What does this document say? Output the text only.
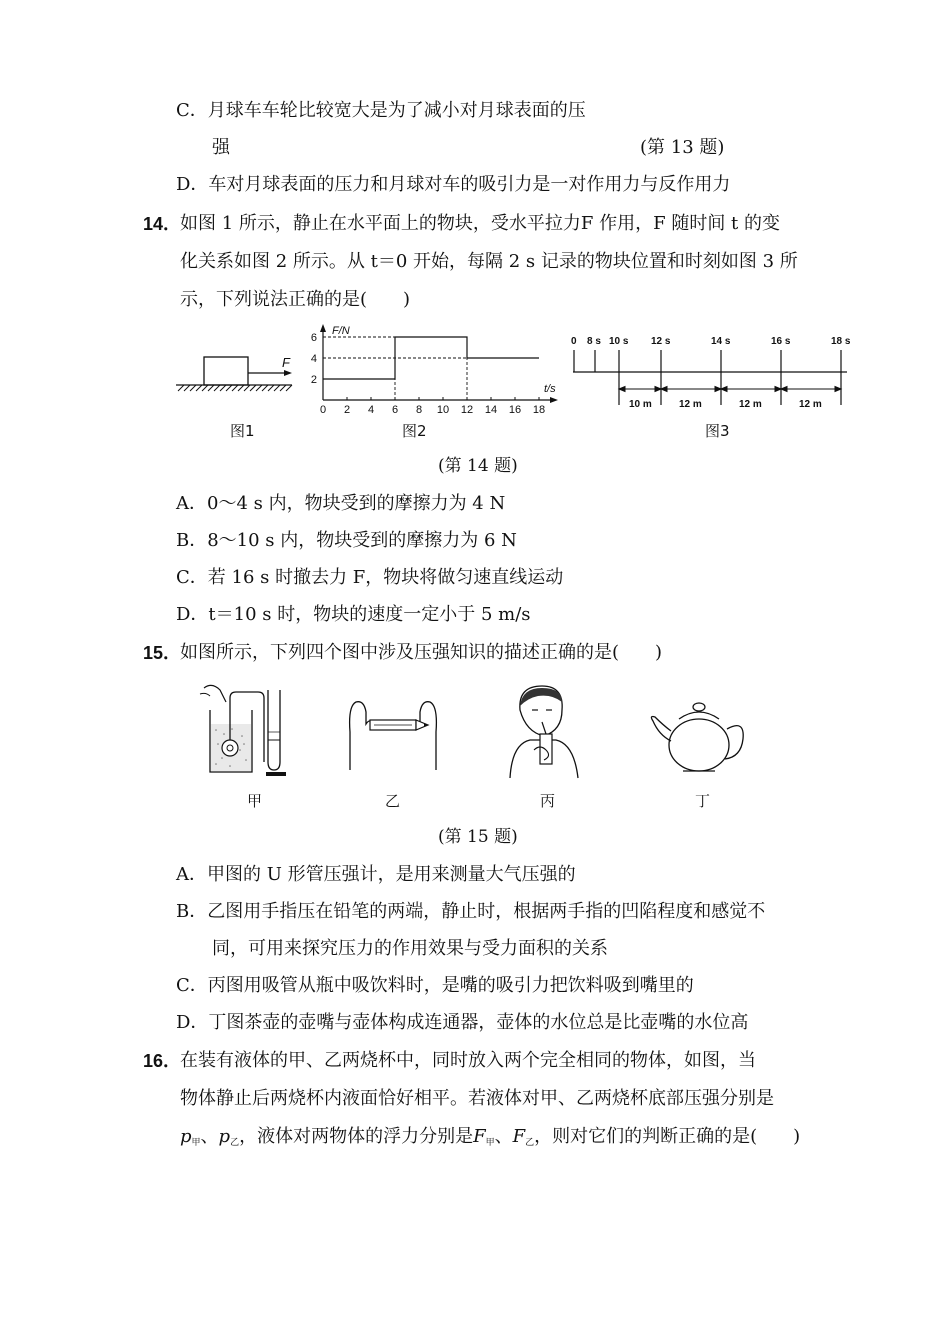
C．月球车车轮比较宽大是为了减小对月球表面的压
强	(第 13 题)
D．车对月球表面的压力和月球对车的吸引力是一对作用力与反作用力
14．
如图 1 所示，静止在水平面上的物块，受水平拉力F 作用，F 随时间 t 的变
化关系如图 2 所示。从 t＝0 开始，每隔 2 s 记录的物块位置和时刻如图 3 所
示，下列说法正确的是(　　)
F
图1
F/N
t/s
0 2 4 6 8 10 12 14 16 18
2
4
6
图2
0 8 s 10 s 12 s	14 s	16 s	18 s
10 m	12 m	12 m	12 m
图3
(第 14 题)
A．0～4 s 内，物块受到的摩擦力为 4 N
B．8～10 s 内，物块受到的摩擦力为 6 N
C．若 16 s 时撤去力 F，物块将做匀速直线运动
D．t＝10 s 时，物块的速度一定小于 5 m/s
15．
如图所示，下列四个图中涉及压强知识的描述正确的是(　　)
甲	乙	丙	丁
(第 15 题)
A．甲图的 U 形管压强计，是用来测量大气压强的
B．乙图用手指压在铅笔的两端，静止时，根据两手指的凹陷程度和感觉不
同，可用来探究压力的作用效果与受力面积的关系
C．丙图用吸管从瓶中吸饮料时，是嘴的吸引力把饮料吸到嘴里的
D．丁图茶壶的壶嘴与壶体构成连通器，壶体的水位总是比壶嘴的水位高
16．
在装有液体的甲、乙两烧杯中，同时放入两个完全相同的物体，如图，当
物体静止后两烧杯内液面恰好相平。若液体对甲、乙两烧杯底部压强分别是
$p_甲$、$p_乙$，液体对两物体的浮力分别是$F_甲$、$F_乙$，则对它们的判断正确的是(　　)
